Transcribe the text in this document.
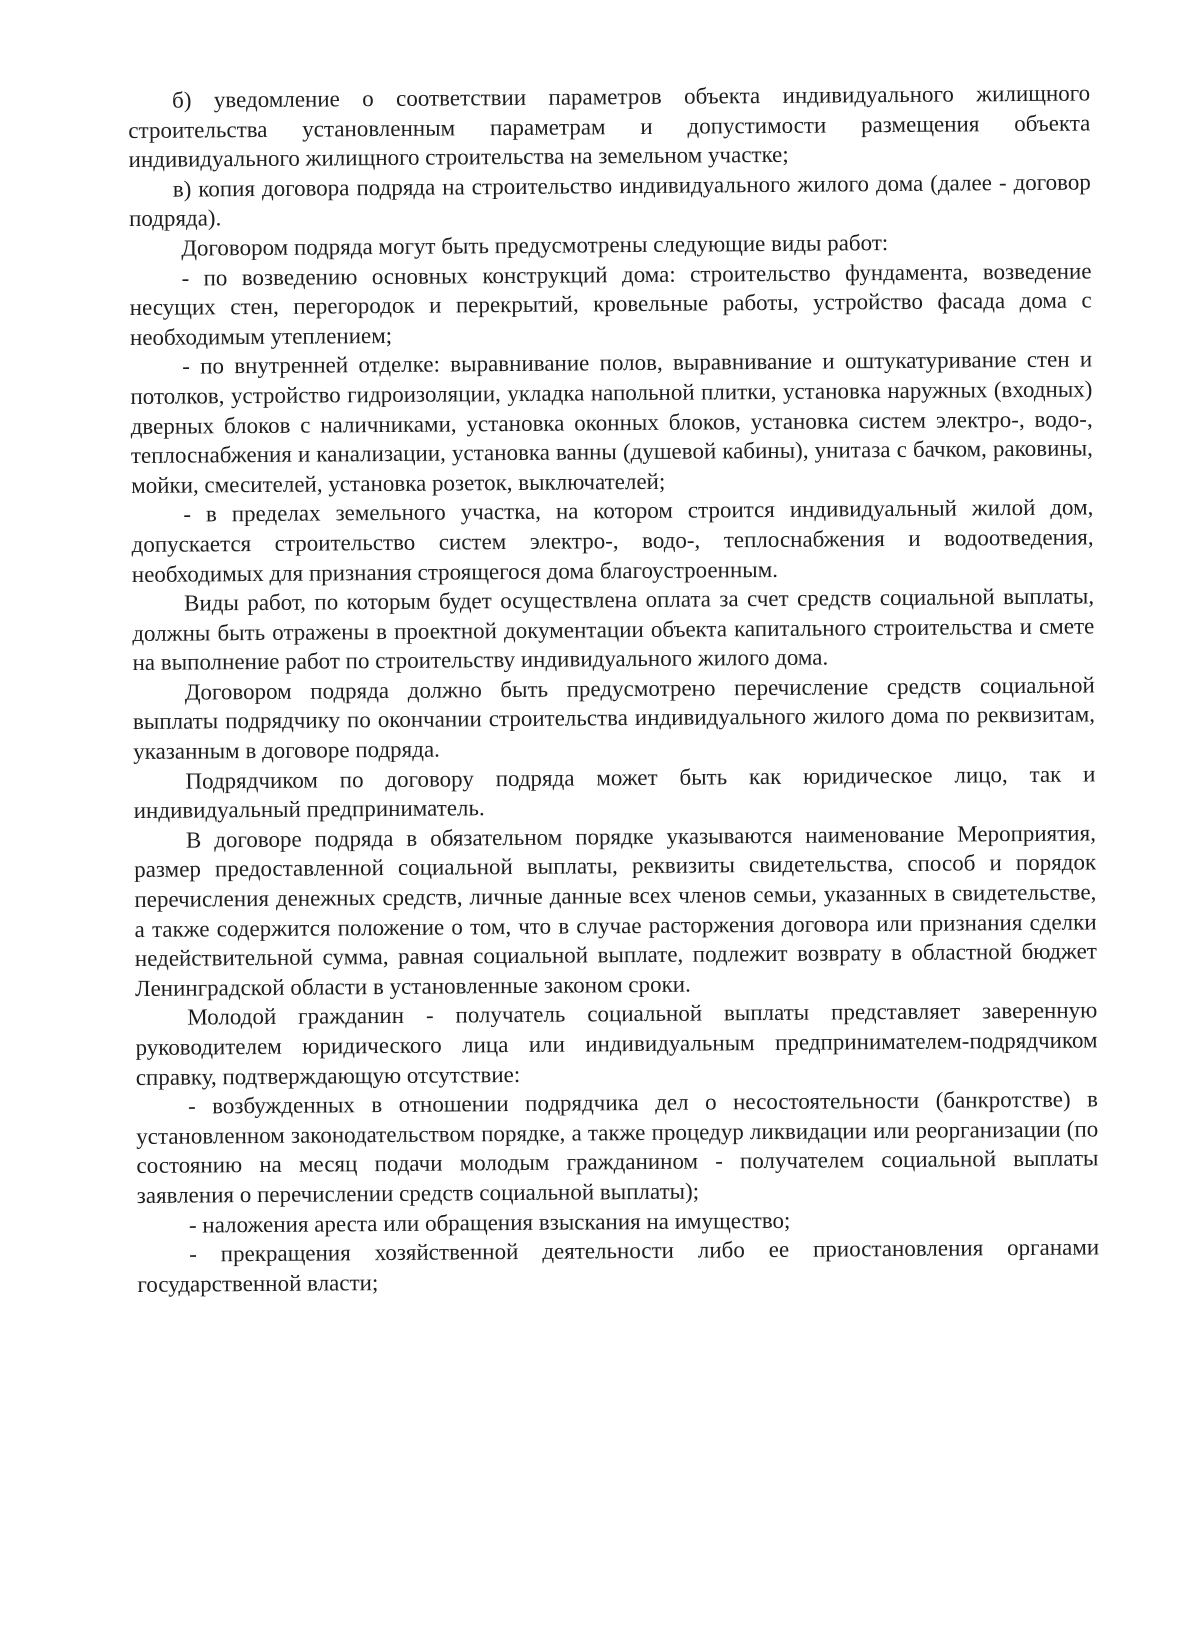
б) уведомление о соответствии параметров объекта индивидуального жилищного строительства установленным параметрам и допустимости размещения объекта индивидуального жилищного строительства на земельном участке;

в) копия договора подряда на строительство индивидуального жилого дома (далее - договор подряда).

Договором подряда могут быть предусмотрены следующие виды работ:

- по возведению основных конструкций дома: строительство фундамента, возведение несущих стен, перегородок и перекрытий, кровельные работы, устройство фасада дома с необходимым утеплением;

- по внутренней отделке: выравнивание полов, выравнивание и оштукатуривание стен и потолков, устройство гидроизоляции, укладка напольной плитки, установка наружных (входных) дверных блоков с наличниками, установка оконных блоков, установка систем электро-, водо-, теплоснабжения и канализации, установка ванны (душевой кабины), унитаза с бачком, раковины, мойки, смесителей, установка розеток, выключателей;

- в пределах земельного участка, на котором строится индивидуальный жилой дом, допускается строительство систем электро-, водо-, теплоснабжения и водоотведения, необходимых для признания строящегося дома благоустроенным.

Виды работ, по которым будет осуществлена оплата за счет средств социальной выплаты, должны быть отражены в проектной документации объекта капитального строительства и смете на выполнение работ по строительству индивидуального жилого дома.

Договором подряда должно быть предусмотрено перечисление средств социальной выплаты подрядчику по окончании строительства индивидуального жилого дома по реквизитам, указанным в договоре подряда.

Подрядчиком по договору подряда может быть как юридическое лицо, так и индивидуальный предприниматель.

В договоре подряда в обязательном порядке указываются наименование Мероприятия, размер предоставленной социальной выплаты, реквизиты свидетельства, способ и порядок перечисления денежных средств, личные данные всех членов семьи, указанных в свидетельстве, а также содержится положение о том, что в случае расторжения договора или признания сделки недействительной сумма, равная социальной выплате, подлежит возврату в областной бюджет Ленинградской области в установленные законом сроки.

Молодой гражданин - получатель социальной выплаты представляет заверенную руководителем юридического лица или индивидуальным предпринимателем-подрядчиком справку, подтверждающую отсутствие:

- возбужденных в отношении подрядчика дел о несостоятельности (банкротстве) в установленном законодательством порядке, а также процедур ликвидации или реорганизации (по состоянию на месяц подачи молодым гражданином - получателем социальной выплаты заявления о перечислении средств социальной выплаты);

- наложения ареста или обращения взыскания на имущество;

- прекращения хозяйственной деятельности либо ее приостановления органами государственной власти;
